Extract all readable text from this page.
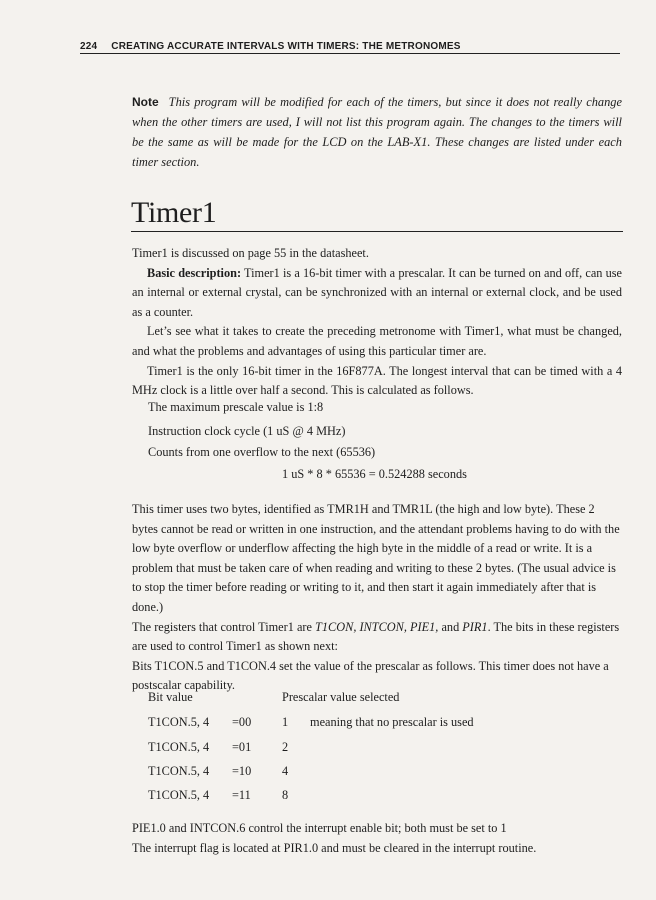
224 CREATING ACCURATE INTERVALS WITH TIMERS: THE METRONOMES

Note This program will be modified for each of the timers, but since it does not really change when the other timers are used, I will not list this program again. The changes to the timers will be the same as will be made for the LCD on the LAB-X1. These changes are listed under each timer section.

Timer1

Timer1 is discussed on page 55 in the datasheet.

Basic description: Timer1 is a 16-bit timer with a prescalar. It can be turned on and off, can use an internal or external crystal, can be synchronized with an internal or external clock, and be used as a counter.

Let’s see what it takes to create the preceding metronome with Timer1, what must be changed, and what the problems and advantages of using this particular timer are.

Timer1 is the only 16-bit timer in the 16F877A. The longest interval that can be timed with a 4 MHz clock is a little over half a second. This is calculated as follows.

The maximum prescale value is 1:8
Instruction clock cycle (1 uS @ 4 MHz)
Counts from one overflow to the next (65536)
1 uS * 8 * 65536 = 0.524288 seconds

This timer uses two bytes, identified as TMR1H and TMR1L (the high and low byte). These 2 bytes cannot be read or written in one instruction, and the attendant problems having to do with the low byte overflow or underflow affecting the high byte in the middle of a read or write. It is a problem that must be taken care of when reading and writing to these 2 bytes. (The usual advice is to stop the timer before reading or writing to it, and then start it again immediately after that is done.)

The registers that control Timer1 are T1CON, INTCON, PIE1, and PIR1. The bits in these registers are used to control Timer1 as shown next:

Bits T1CON.5 and T1CON.4 set the value of the prescalar as follows. This timer does not have a postscalar capability.

Bit value	Prescalar value selected
T1CON.5, 4 =00	1 meaning that no prescalar is used
T1CON.5, 4 =01	2
T1CON.5, 4 =10	4
T1CON.5, 4 =11	8

PIE1.0 and INTCON.6 control the interrupt enable bit; both must be set to 1

The interrupt flag is located at PIR1.0 and must be cleared in the interrupt routine.
